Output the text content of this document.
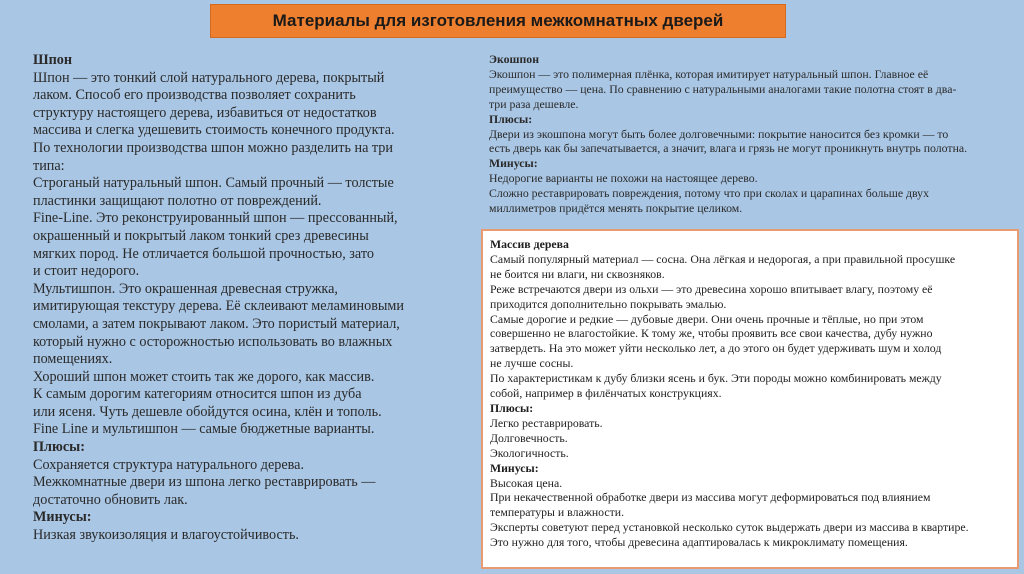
Материалы для изготовления межкомнатных дверей

Шпон

Шпон — это тонкий слой натурального дерева, покрытый

лаком. Способ его производства позволяет сохранить

структуру настоящего дерева, избавиться от недостатков

массива и слегка удешевить стоимость конечного продукта.

По технологии производства шпон можно разделить на три

типа:

Строганый натуральный шпон. Самый прочный — толстые

пластинки защищают полотно от повреждений.

Fine-Line. Это реконструированный шпон — прессованный,

окрашенный и покрытый лаком тонкий срез древесины

мягких пород. Не отличается большой прочностью, зато

и стоит недорого.

Мультишпон. Это окрашенная древесная стружка,

имитирующая текстуру дерева. Её склеивают меламиновыми

смолами, а затем покрывают лаком. Это пористый материал,

который нужно с осторожностью использовать во влажных

помещениях.

Хороший шпон может стоить так же дорого, как массив.

К самым дорогим категориям относится шпон из дуба

или ясеня. Чуть дешевле обойдутся осина, клён и тополь.

Fine Line и мультишпон — самые бюджетные варианты.

Плюсы:

Сохраняется структура натурального дерева.

Межкомнатные двери из шпона легко реставрировать —

достаточно обновить лак.

Минусы:

Низкая звукоизоляция и влагоустойчивость.

Экошпон

Экошпон — это полимерная плёнка, которая имитирует натуральный шпон. Главное её

преимущество — цена. По сравнению с натуральными аналогами такие полотна стоят в два-

три раза дешевле.

Плюсы:

Двери из экошпона могут быть более долговечными: покрытие наносится без кромки — то

есть дверь как бы запечатывается, а значит, влага и грязь не могут проникнуть внутрь полотна.

Минусы:

Недорогие варианты не похожи на настоящее дерево.

Сложно реставрировать повреждения, потому что при сколах и царапинах больше двух

миллиметров придётся менять покрытие целиком.

Массив дерева

Самый популярный материал — сосна. Она лёгкая и недорогая, а при правильной просушке

не боится ни влаги, ни сквозняков.

Реже встречаются двери из ольхи — это древесина хорошо впитывает влагу, поэтому её

приходится дополнительно покрывать эмалью.

Самые дорогие и редкие — дубовые двери. Они очень прочные и тёплые, но при этом

совершенно не влагостойкие. К тому же, чтобы проявить все свои качества, дубу нужно

затвердеть. На это может уйти несколько лет, а до этого он будет удерживать шум и холод

не лучше сосны.

По характеристикам к дубу близки ясень и бук. Эти породы можно комбинировать между

собой, например в филёнчатых конструкциях.

Плюсы:

Легко реставрировать.

Долговечность.

Экологичность.

Минусы:

Высокая цена.

При некачественной обработке двери из массива могут деформироваться под влиянием

температуры и влажности.

Эксперты советуют перед установкой несколько суток выдержать двери из массива в квартире.

Это нужно для того, чтобы древесина адаптировалась к микроклимату помещения.
